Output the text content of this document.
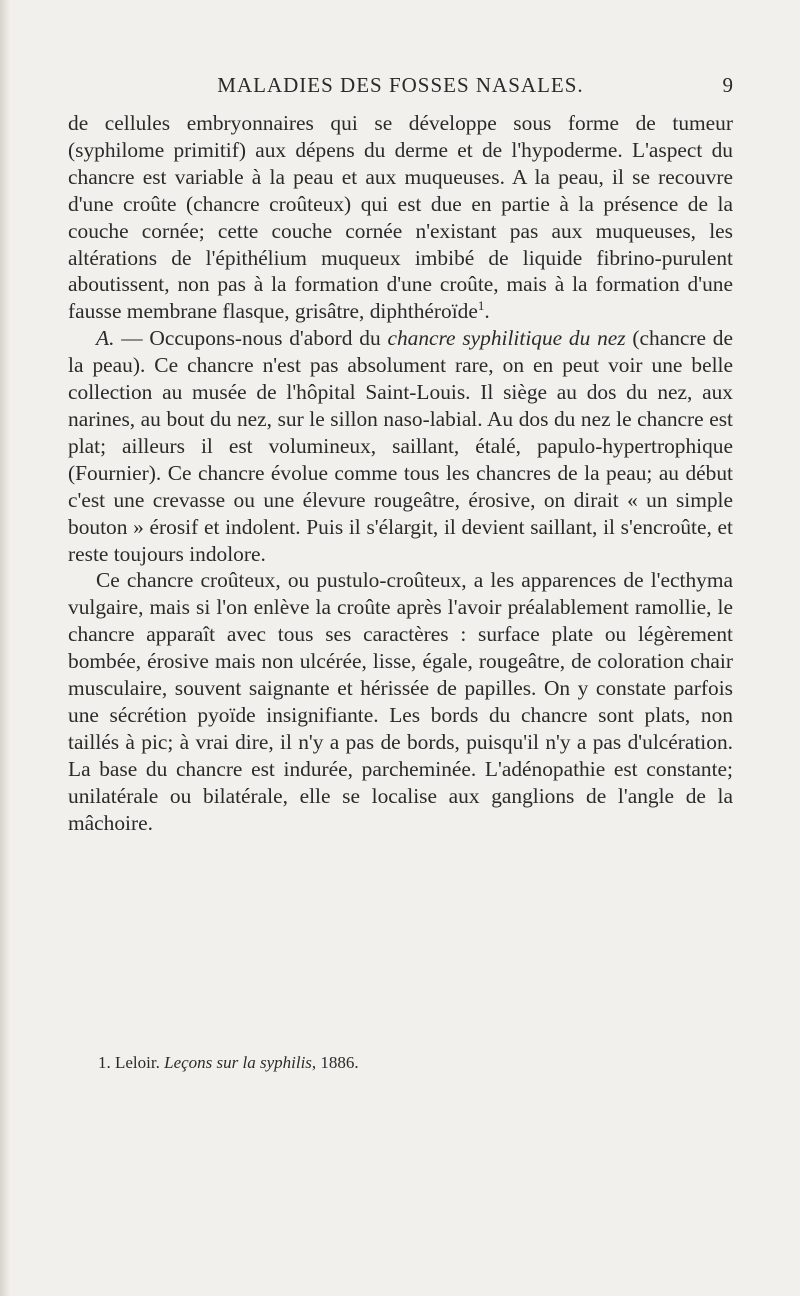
MALADIES DES FOSSES NASALES.	9

de cellules embryonnaires qui se développe sous forme de tumeur (syphilome primitif) aux dépens du derme et de l'hypoderme. L'aspect du chancre est variable à la peau et aux muqueuses. A la peau, il se recouvre d'une croûte (chancre croûteux) qui est due en partie à la présence de la couche cornée; cette couche cornée n'existant pas aux muqueuses, les altérations de l'épithélium muqueux imbibé de liquide fibrino-purulent aboutissent, non pas à la formation d'une croûte, mais à la formation d'une fausse membrane flasque, grisâtre, diphthéroïde$^1$.

A. — Occupons-nous d'abord du chancre syphilitique du nez (chancre de la peau). Ce chancre n'est pas absolument rare, on en peut voir une belle collection au musée de l'hôpital Saint-Louis. Il siège au dos du nez, aux narines, au bout du nez, sur le sillon naso-labial. Au dos du nez le chancre est plat; ailleurs il est volumineux, saillant, étalé, papulo-hypertrophique (Fournier). Ce chancre évolue comme tous les chancres de la peau; au début c'est une crevasse ou une élevure rougeâtre, érosive, on dirait « un simple bouton » érosif et indolent. Puis il s'élargit, il devient saillant, il s'encroûte, et reste toujours indolore.

Ce chancre croûteux, ou pustulo-croûteux, a les apparences de l'ecthyma vulgaire, mais si l'on enlève la croûte après l'avoir préalablement ramollie, le chancre apparaît avec tous ses caractères : surface plate ou légèrement bombée, érosive mais non ulcérée, lisse, égale, rougeâtre, de coloration chair musculaire, souvent saignante et hérissée de papilles. On y constate parfois une sécrétion pyoïde insignifiante. Les bords du chancre sont plats, non taillés à pic; à vrai dire, il n'y a pas de bords, puisqu'il n'y a pas d'ulcération. La base du chancre est indurée, parcheminée. L'adénopathie est constante; unilatérale ou bilatérale, elle se localise aux ganglions de l'angle de la mâchoire.

1. Leloir. Leçons sur la syphilis, 1886.
